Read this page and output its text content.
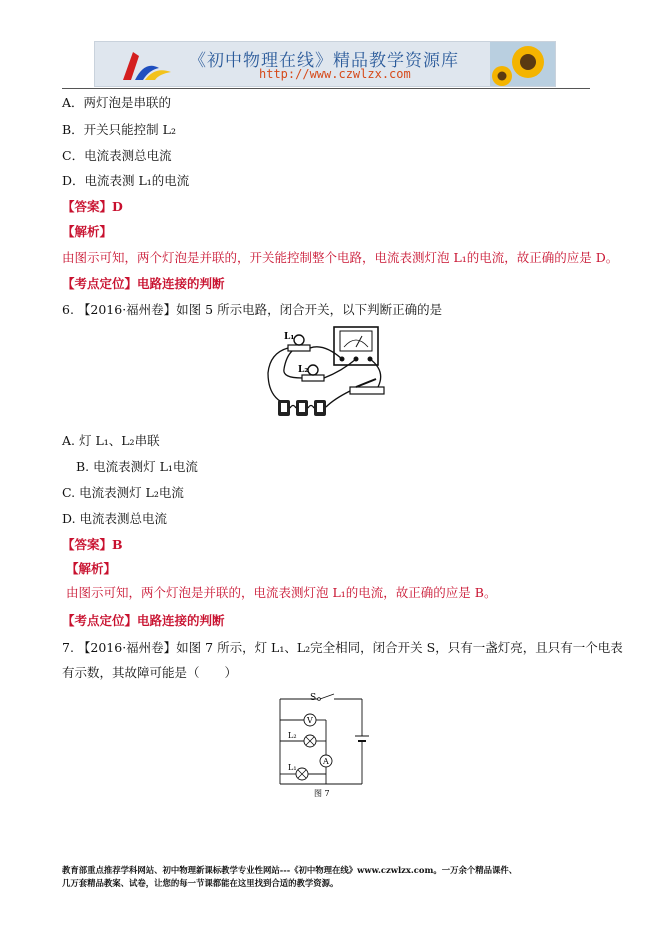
《初中物理在线》精品教学资源库
http://www.czwlzx.com
A．两灯泡是串联的
B．开关只能控制 L₂
C．电流表测总电流
D．电流表测 L₁的电流
【答案】D
【解析】
由图示可知，两个灯泡是并联的，开关能控制整个电路，电流表测灯泡 L₁的电流，故正确的应是 D。
【考点定位】电路连接的判断
6. 【2016·福州卷】如图 5 所示电路，闭合开关，以下判断正确的是
L₁
L₂
A. 灯 L₁、L₂串联
B. 电流表测灯 L₁电流
C. 电流表测灯 L₂电流
D. 电流表测总电流
【答案】B
【解析】
由图示可知，两个灯泡是并联的，电流表测灯泡 L₁的电流，故正确的应是 B。
【考点定位】电路连接的判断
7. 【2016·福州卷】如图 7 所示，灯 L₁、L₂完全相同，闭合开关 S，只有一盏灯亮，且只有一个电表
有示数，其故障可能是（　　）
S
V
L₂
A
L₁
图 7
教育部重点推荐学科网站、初中物理新课标教学专业性网站---《初中物理在线》www.czwlzx.com。一万余个精品课件、
几万套精品教案、试卷，让您的每一节课都能在这里找到合适的教学资源。
